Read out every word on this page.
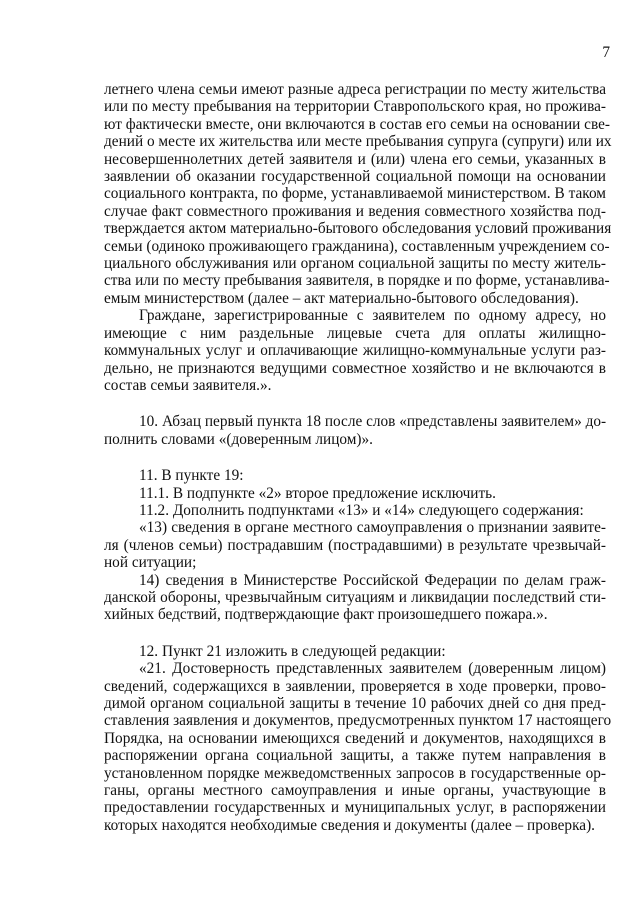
7
летнего члена семьи имеют разные адреса регистрации по месту жительства
или по месту пребывания на территории Ставропольского края, но прожива-
ют фактически вместе, они включаются в состав его семьи на основании све-
дений о месте их жительства или месте пребывания супруга (супруги) или их
несовершеннолетних детей заявителя и (или) члена его семьи, указанных в
заявлении об оказании государственной социальной помощи на основании
социального контракта, по форме, устанавливаемой министерством. В таком
случае факт совместного проживания и ведения совместного хозяйства под-
тверждается актом материально-бытового обследования условий проживания
семьи (одиноко проживающего гражданина), составленным учреждением со-
циального обслуживания или органом социальной защиты по месту житель-
ства или по месту пребывания заявителя, в порядке и по форме, устанавлива-
емым министерством (далее – акт материально-бытового обследования).
Граждане, зарегистрированные с заявителем по одному адресу, но
имеющие с ним раздельные лицевые счета для оплаты жилищно-
коммунальных услуг и оплачивающие жилищно-коммунальные услуги раз-
дельно, не признаются ведущими совместное хозяйство и не включаются в
состав семьи заявителя.».
10. Абзац первый пункта 18 после слов «представлены заявителем» до-
полнить словами «(доверенным лицом)».
11. В пункте 19:
11.1. В подпункте «2» второе предложение исключить.
11.2. Дополнить подпунктами «13» и «14» следующего содержания:
«13) сведения в органе местного самоуправления о признании заявите-
ля (членов семьи) пострадавшим (пострадавшими) в результате чрезвычай-
ной ситуации;
14) сведения в Министерстве Российской Федерации по делам граж-
данской обороны, чрезвычайным ситуациям и ликвидации последствий сти-
хийных бедствий, подтверждающие факт произошедшего пожара.».
12. Пункт 21 изложить в следующей редакции:
«21. Достоверность представленных заявителем (доверенным лицом)
сведений, содержащихся в заявлении, проверяется в ходе проверки, прово-
димой органом социальной защиты в течение 10 рабочих дней со дня пред-
ставления заявления и документов, предусмотренных пунктом 17 настоящего
Порядка, на основании имеющихся сведений и документов, находящихся в
распоряжении органа социальной защиты, а также путем направления в
установленном порядке межведомственных запросов в государственные ор-
ганы, органы местного самоуправления и иные органы, участвующие в
предоставлении государственных и муниципальных услуг, в распоряжении
которых находятся необходимые сведения и документы (далее – проверка).
